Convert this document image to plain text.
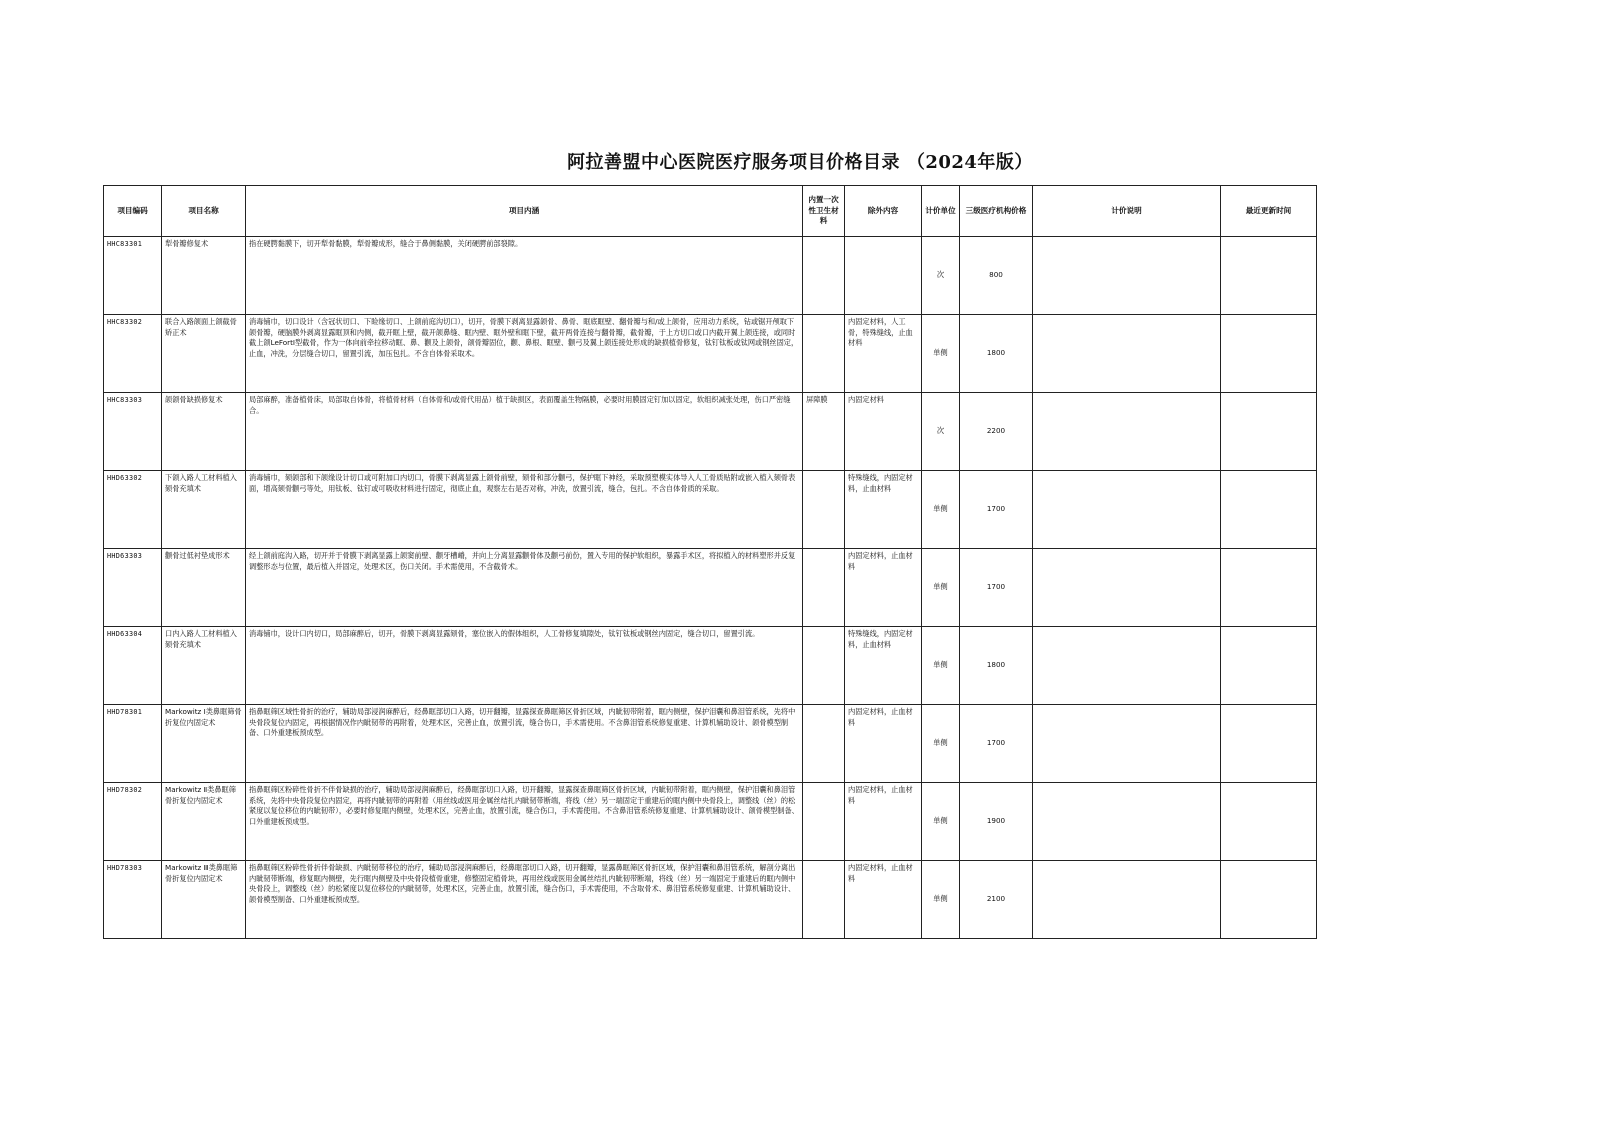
阿拉善盟中心医院医疗服务项目价格目录 （2024年版）
项目编码	项目名称	项目内涵	内置一次性卫生材料	除外内容	计价单位	三级医疗机构价格	计价说明	最近更新时间
HHC83301	犁骨瓣修复术	指在硬腭黏膜下，切开犁骨黏膜，犁骨瓣成形，缝合于鼻侧黏膜，关闭硬腭前部裂隙。			次	800		
HHC83302	联合入路颌面上颌截骨矫正术	消毒铺巾，切口设计（含冠状切口、下睑缘切口、上颌前庭沟切口），切开，骨膜下剥离显露颌骨、鼻骨、眶底眶壁、翻骨瓣与和/或上颌骨，应用动力系统，钻或锯开颅取下颌骨瓣，硬脑膜外剥离显露眶顶和内侧，截开眶上壁，截开颌鼻缝、眶内壁、眶外壁和眶下壁，截开两骨连接与翻骨瓣，截骨瓣，于上方切口或口内截开翼上颌连接，或同时截上颌LeFortI型截骨，作为一体向前牵拉移动眶、鼻、颧及上颌骨，颌骨瓣固位，颧、鼻根、眶壁、颧弓及翼上颌连接处形成的缺损植骨修复，钛钉钛板或钛网或钢丝固定，止血，冲洗，分层缝合切口，留置引流，加压包扎。不含自体骨采取术。		内固定材料，人工骨，特殊缝线，止血材料	单侧	1800		
HHC83303	颌颌骨缺损修复术	局部麻醉，准备植骨床，局部取自体骨，将植骨材料（自体骨和/或骨代用品）植于缺损区，表面覆盖生物隔膜，必要时用膜固定钉加以固定，软组织减张处理，伤口严密缝合。	屏障膜	内固定材料	次	2200		
HHD63302	下颌入路人工材料植入颏骨充填术	消毒铺巾，颏颌部和下颌缘设计切口或可附加口内切口，骨膜下剥离显露上颌骨前壁，颏骨和部分颧弓，保护眶下神经，采取预塑模实体导入人工骨质贴附或嵌入植入颏骨表面，增高颏骨颧弓等处，用钛板、钛钉或可吸收材料进行固定，彻底止血，观察左右是否对称，冲洗，放置引流，缝合，包扎。不含自体骨质的采取。		特殊缝线，内固定材料，止血材料	单侧	1700		
HHD63303	颧骨过低衬垫成形术	经上颌前庭沟入路，切开并于骨膜下剥离显露上颌窦前壁、颧牙槽嵴，并向上分离显露颧骨体及颧弓前份，置入专用的保护软组织，暴露手术区，将拟植入的材料塑形并反复调整形态与位置，最后植入并固定，处理术区，伤口关闭。手术需使用，不含截骨术。		内固定材料，止血材料	单侧	1700		
HHD63304	口内入路人工材料植入颏骨充填术	消毒铺巾，设计口内切口，局部麻醉后，切开，骨膜下剥离显露颏骨，塞位嵌入的假体组织，人工骨修复填隙处，钛钉钛板或钢丝内固定，缝合切口，留置引流。		特殊缝线，内固定材料，止血材料	单侧	1800		
HHD78301	Markowitz Ⅰ类鼻眶筛骨折复位内固定术	指鼻眶筛区域性骨折的治疗，辅助局部浸润麻醉后，经鼻眶部切口入路，切开翻瓣，显露探查鼻眶筛区骨折区域，内眦韧带附着，眶内侧壁，保护泪囊和鼻泪管系统，先将中央骨段复位内固定，再根据情况作内眦韧带的再附着，处理术区，完善止血，放置引流，缝合伤口，手术需使用。不含鼻泪管系统修复重建、计算机辅助设计、颌骨模型制备、口外重建板预成型。		内固定材料，止血材料	单侧	1700		
HHD78302	Markowitz Ⅱ类鼻眶筛骨折复位内固定术	指鼻眶筛区粉碎性骨折不伴骨缺损的治疗，辅助局部浸润麻醉后，经鼻眶部切口入路，切开翻瓣，显露探查鼻眶筛区骨折区域，内眦韧带附着，眶内侧壁，保护泪囊和鼻泪管系统，先将中央骨段复位内固定，再将内眦韧带的再附着（用丝线或医用金属丝结扎内眦韧带断端，将线（丝）另一端固定于重建后的眶内侧中央骨段上，调整线（丝）的松紧度以复位移位的内眦韧带），必要时修复眶内侧壁，处理术区，完善止血，放置引流，缝合伤口，手术需使用。不含鼻泪管系统修复重建、计算机辅助设计、颌骨模型制备、口外重建板预成型。		内固定材料，止血材料	单侧	1900		
HHD78303	Markowitz Ⅲ类鼻眶筛骨折复位内固定术	指鼻眶筛区粉碎性骨折伴骨缺损、内眦韧带移位的治疗，辅助局部浸润麻醉后，经鼻眶部切口入路，切开翻瓣，显露鼻眶筛区骨折区域，保护泪囊和鼻泪管系统，解剖分离出内眦韧带断端，修复眶内侧壁，先行眶内侧壁及中央骨段植骨重建，修整固定植骨块，再用丝线或医用金属丝结扎内眦韧带断端，将线（丝）另一端固定于重建后的眶内侧中央骨段上，调整线（丝）的松紧度以复位移位的内眦韧带，处理术区，完善止血，放置引流，缝合伤口，手术需使用，不含取骨术、鼻泪管系统修复重建、计算机辅助设计、颌骨模型制备、口外重建板预成型。		内固定材料，止血材料	单侧	2100		
